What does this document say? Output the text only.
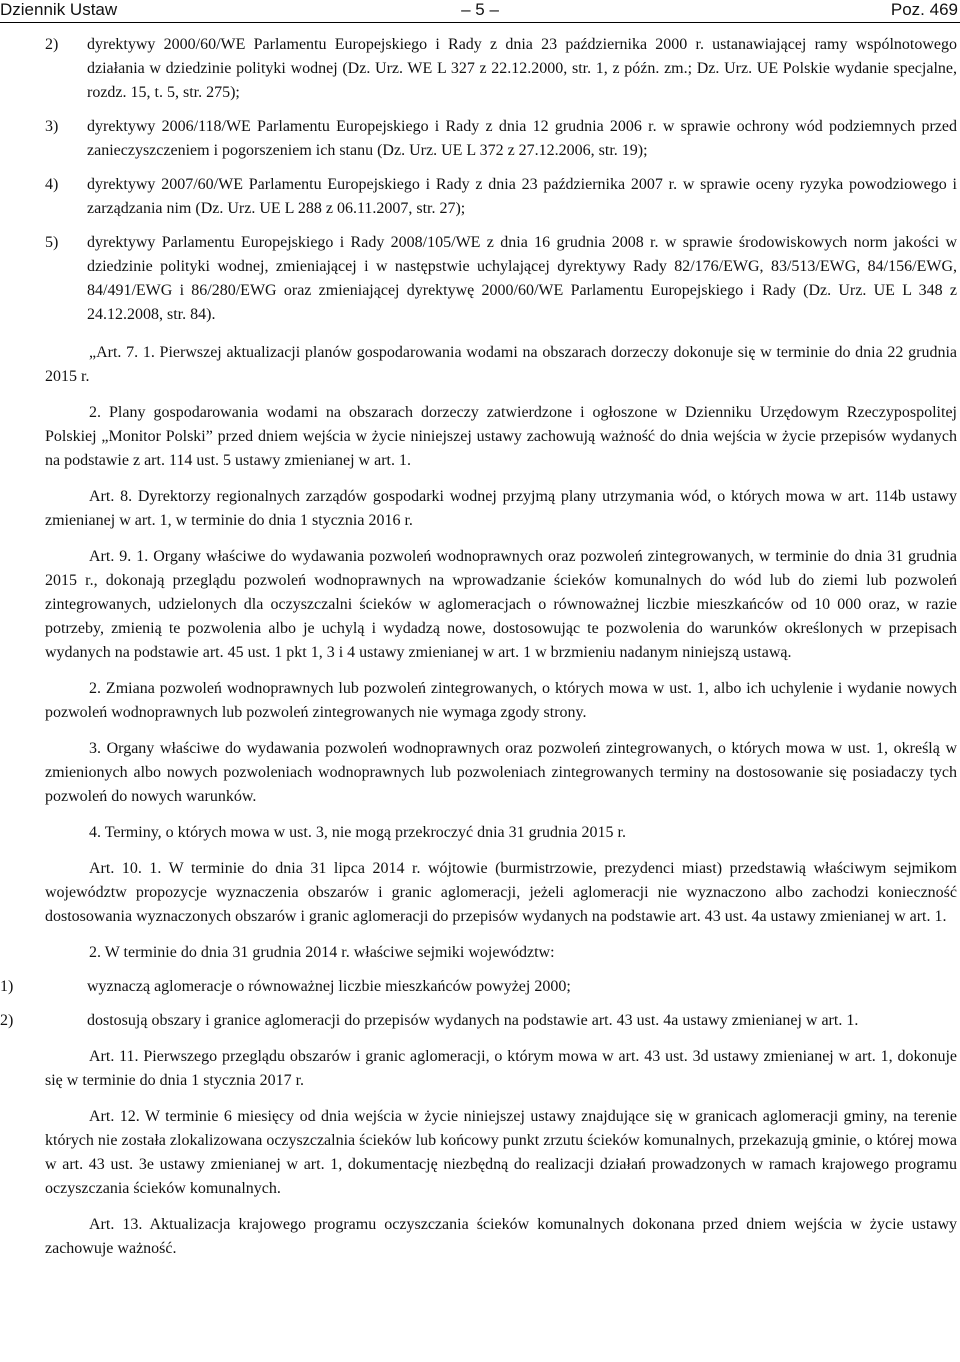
Dziennik Ustaw	– 5 –	Poz. 469
2) dyrektywy 2000/60/WE Parlamentu Europejskiego i Rady z dnia 23 października 2000 r. ustanawiającej ramy wspólnotowego działania w dziedzinie polityki wodnej (Dz. Urz. WE L 327 z 22.12.2000, str. 1, z późn. zm.; Dz. Urz. UE Polskie wydanie specjalne, rozdz. 15, t. 5, str. 275);
3) dyrektywy 2006/118/WE Parlamentu Europejskiego i Rady z dnia 12 grudnia 2006 r. w sprawie ochrony wód podziemnych przed zanieczyszczeniem i pogorszeniem ich stanu (Dz. Urz. UE L 372 z 27.12.2006, str. 19);
4) dyrektywy 2007/60/WE Parlamentu Europejskiego i Rady z dnia 23 października 2007 r. w sprawie oceny ryzyka powodziowego i zarządzania nim (Dz. Urz. UE L 288 z 06.11.2007, str. 27);
5) dyrektywy Parlamentu Europejskiego i Rady 2008/105/WE z dnia 16 grudnia 2008 r. w sprawie środowiskowych norm jakości w dziedzinie polityki wodnej, zmieniającej i w następstwie uchylającej dyrektywy Rady 82/176/EWG, 83/513/EWG, 84/156/EWG, 84/491/EWG i 86/280/EWG oraz zmieniającej dyrektywę 2000/60/WE Parlamentu Europejskiego i Rady (Dz. Urz. UE L 348 z 24.12.2008, str. 84).

„Art. 7. 1. Pierwszej aktualizacji planów gospodarowania wodami na obszarach dorzeczy dokonuje się w terminie do dnia 22 grudnia 2015 r.

2. Plany gospodarowania wodami na obszarach dorzeczy zatwierdzone i ogłoszone w Dzienniku Urzędowym Rzeczypospolitej Polskiej „Monitor Polski” przed dniem wejścia w życie niniejszej ustawy zachowują ważność do dnia wejścia w życie przepisów wydanych na podstawie z art. 114 ust. 5 ustawy zmienianej w art. 1.

Art. 8. Dyrektorzy regionalnych zarządów gospodarki wodnej przyjmą plany utrzymania wód, o których mowa w art. 114b ustawy zmienianej w art. 1, w terminie do dnia 1 stycznia 2016 r.

Art. 9. 1. Organy właściwe do wydawania pozwoleń wodnoprawnych oraz pozwoleń zintegrowanych, w terminie do dnia 31 grudnia 2015 r., dokonają przeglądu pozwoleń wodnoprawnych na wprowadzanie ścieków komunalnych do wód lub do ziemi lub pozwoleń zintegrowanych, udzielonych dla oczyszczalni ścieków w aglomeracjach o równoważnej liczbie mieszkańców od 10 000 oraz, w razie potrzeby, zmienią te pozwolenia albo je uchylą i wydadzą nowe, dostosowując te pozwolenia do warunków określonych w przepisach wydanych na podstawie art. 45 ust. 1 pkt 1, 3 i 4 ustawy zmienianej w art. 1 w brzmieniu nadanym niniejszą ustawą.

2. Zmiana pozwoleń wodnoprawnych lub pozwoleń zintegrowanych, o których mowa w ust. 1, albo ich uchylenie i wydanie nowych pozwoleń wodnoprawnych lub pozwoleń zintegrowanych nie wymaga zgody strony.

3. Organy właściwe do wydawania pozwoleń wodnoprawnych oraz pozwoleń zintegrowanych, o których mowa w ust. 1, określą w zmienionych albo nowych pozwoleniach wodnoprawnych lub pozwoleniach zintegrowanych terminy na dostosowanie się posiadaczy tych pozwoleń do nowych warunków.

4. Terminy, o których mowa w ust. 3, nie mogą przekroczyć dnia 31 grudnia 2015 r.

Art. 10. 1. W terminie do dnia 31 lipca 2014 r. wójtowie (burmistrzowie, prezydenci miast) przedstawią właściwym sejmikom województw propozycje wyznaczenia obszarów i granic aglomeracji, jeżeli aglomeracji nie wyznaczono albo zachodzi konieczność dostosowania wyznaczonych obszarów i granic aglomeracji do przepisów wydanych na podstawie art. 43 ust. 4a ustawy zmienianej w art. 1.

2. W terminie do dnia 31 grudnia 2014 r. właściwe sejmiki województw:

1)	wyznaczą aglomeracje o równoważnej liczbie mieszkańców powyżej 2000;
2)	dostosują obszary i granice aglomeracji do przepisów wydanych na podstawie art. 43 ust. 4a ustawy zmienianej w art. 1.

Art. 11. Pierwszego przeglądu obszarów i granic aglomeracji, o którym mowa w art. 43 ust. 3d ustawy zmienianej w art. 1, dokonuje się w terminie do dnia 1 stycznia 2017 r.

Art. 12. W terminie 6 miesięcy od dnia wejścia w życie niniejszej ustawy znajdujące się w granicach aglomeracji gminy, na terenie których nie została zlokalizowana oczyszczalnia ścieków lub końcowy punkt zrzutu ścieków komunalnych, przekazują gminie, o której mowa w art. 43 ust. 3e ustawy zmienianej w art. 1, dokumentację niezbędną do realizacji działań prowadzonych w ramach krajowego programu oczyszczania ścieków komunalnych.

Art. 13. Aktualizacja krajowego programu oczyszczania ścieków komunalnych dokonana przed dniem wejścia w życie ustawy zachowuje ważność.
